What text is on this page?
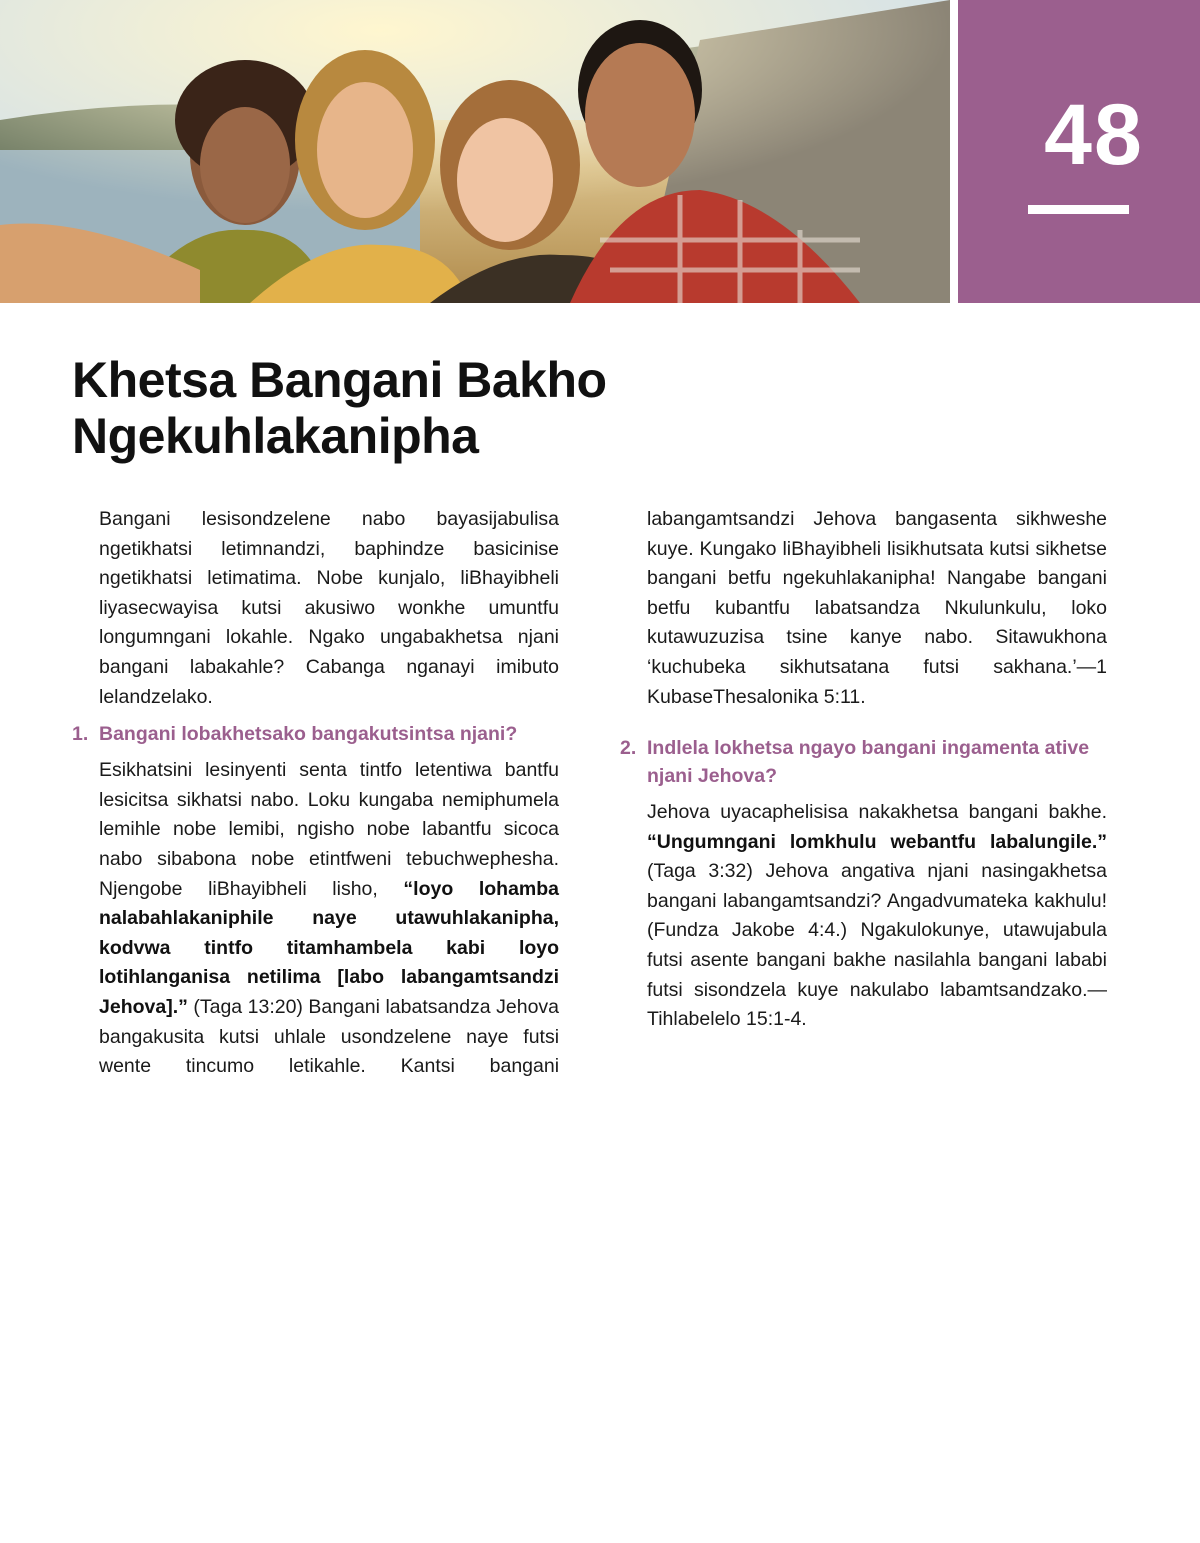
48
Khetsa Bangani Bakho
Ngekuhlakanipha

Bangani lesisondzelene nabo bayasijabulisa ngetikhatsi letimnandzi, baphindze basicinise ngetikhatsi letimatima. Nobe kunjalo, liBhayibheli liyasecwayisa kutsi akusiwo wonkhe umuntfu longumngani lokahle. Ngako ungabakhetsa njani bangani labakahle? Cabanga nganayi imibuto lelandzelako.

1. Bangani lobakhetsako bangakutsintsa njani?

Esikhatsini lesinyenti senta tintfo letentiwa bantfu lesicitsa sikhatsi nabo. Loku kungaba nemiphumela lemihle nobe lemibi, ngisho nobe labantfu sicoca nabo sibabona nobe etintfweni tebuchwephesha. Njengobe liBhayibheli lisho, “loyo lohamba nalabahlakaniphile naye utawuhlakanipha, kodvwa tintfo titamhambela kabi loyo lotihlanganisa netilima [labo labangamtsandzi Jehova].” (Taga 13:20) Bangani labatsandza Jehova bangakusita kutsi uhlale usondzelene naye futsi wente tincumo letikahle. Kantsi bangani

labangamtsandzi Jehova bangasenta sikhweshe kuye. Kungako liBhayibheli lisikhutsata kutsi sikhetse bangani betfu ngekuhlakanipha! Nangabe bangani betfu kubantfu labatsandza Nkulunkulu, loko kutawuzuzisa tsine kanye nabo. Sitawukhona ‘kuchubeka sikhutsatana futsi sakhana.’—1 KubaseThesalonika 5:11.

2. Indlela lokhetsa ngayo bangani ingamenta ative njani Jehova?

Jehova uyacaphelisisa nakakhetsa bangani bakhe. “Ungumngani lomkhulu webantfu labalungile.” (Taga 3:32) Jehova angativa njani nasingakhetsa bangani labangamtsandzi? Angadvumateka kakhulu! (Fundza Jakobe 4:4.) Ngakulokunye, utawujabula futsi asente bangani bakhe nasilahla bangani lababi futsi sisondzela kuye nakulabo labamtsandzako.—Tihlabelelo 15:1-4.
